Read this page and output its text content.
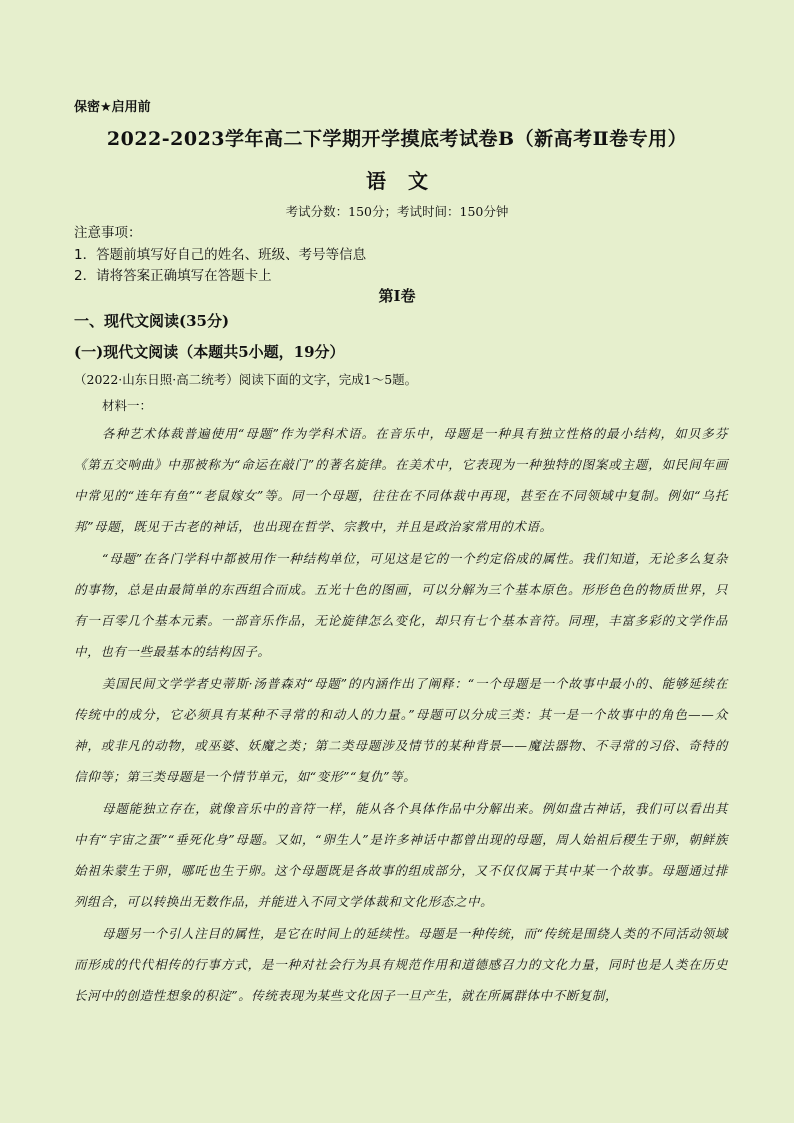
保密★启用前
2022-2023学年高二下学期开学摸底考试卷B（新高考Ⅱ卷专用）
语文
考试分数：150分；考试时间：150分钟
注意事项：
1．答题前填写好自己的姓名、班级、考号等信息
2．请将答案正确填写在答题卡上
第Ⅰ卷
一、现代文阅读(35分)
(一)现代文阅读（本题共5小题，19分）
（2022·山东日照·高二统考）阅读下面的文字，完成1～5题。
材料一：
各种艺术体裁普遍使用“母题”作为学科术语。在音乐中，母题是一种具有独立性格的最小结构，如贝多芬《第五交响曲》中那被称为“命运在敲门”的著名旋律。在美术中，它表现为一种独特的图案或主题，如民间年画中常见的“连年有鱼”“老鼠嫁女”等。同一个母题，往往在不同体裁中再现，甚至在不同领域中复制。例如“乌托邦”母题，既见于古老的神话，也出现在哲学、宗教中，并且是政治家常用的术语。
“母题”在各门学科中都被用作一种结构单位，可见这是它的一个约定俗成的属性。我们知道，无论多么复杂的事物，总是由最简单的东西组合而成。五光十色的图画，可以分解为三个基本原色。形形色色的物质世界，只有一百零几个基本元素。一部音乐作品，无论旋律怎么变化，却只有七个基本音符。同理，丰富多彩的文学作品中，也有一些最基本的结构因子。
美国民间文学学者史蒂斯·汤普森对“母题”的内涵作出了阐释：“一个母题是一个故事中最小的、能够延续在传统中的成分，它必须具有某种不寻常的和动人的力量。”母题可以分成三类：其一是一个故事中的角色——众神，或非凡的动物，或巫婆、妖魔之类；第二类母题涉及情节的某种背景——魔法器物、不寻常的习俗、奇特的信仰等；第三类母题是一个情节单元，如“变形”“复仇”等。
母题能独立存在，就像音乐中的音符一样，能从各个具体作品中分解出来。例如盘古神话，我们可以看出其中有“宇宙之蛋”“垂死化身”母题。又如，“卵生人”是许多神话中都曾出现的母题，周人始祖后稷生于卵，朝鲜族始祖朱蒙生于卵，哪吒也生于卵。这个母题既是各故事的组成部分，又不仅仅属于其中某一个故事。母题通过排列组合，可以转换出无数作品，并能进入不同文学体裁和文化形态之中。
母题另一个引人注目的属性，是它在时间上的延续性。母题是一种传统，而“传统是围绕人类的不同活动领域而形成的代代相传的行事方式，是一种对社会行为具有规范作用和道德感召力的文化力量，同时也是人类在历史长河中的创造性想象的积淀”。传统表现为某些文化因子一旦产生，就在所属群体中不断复制，
